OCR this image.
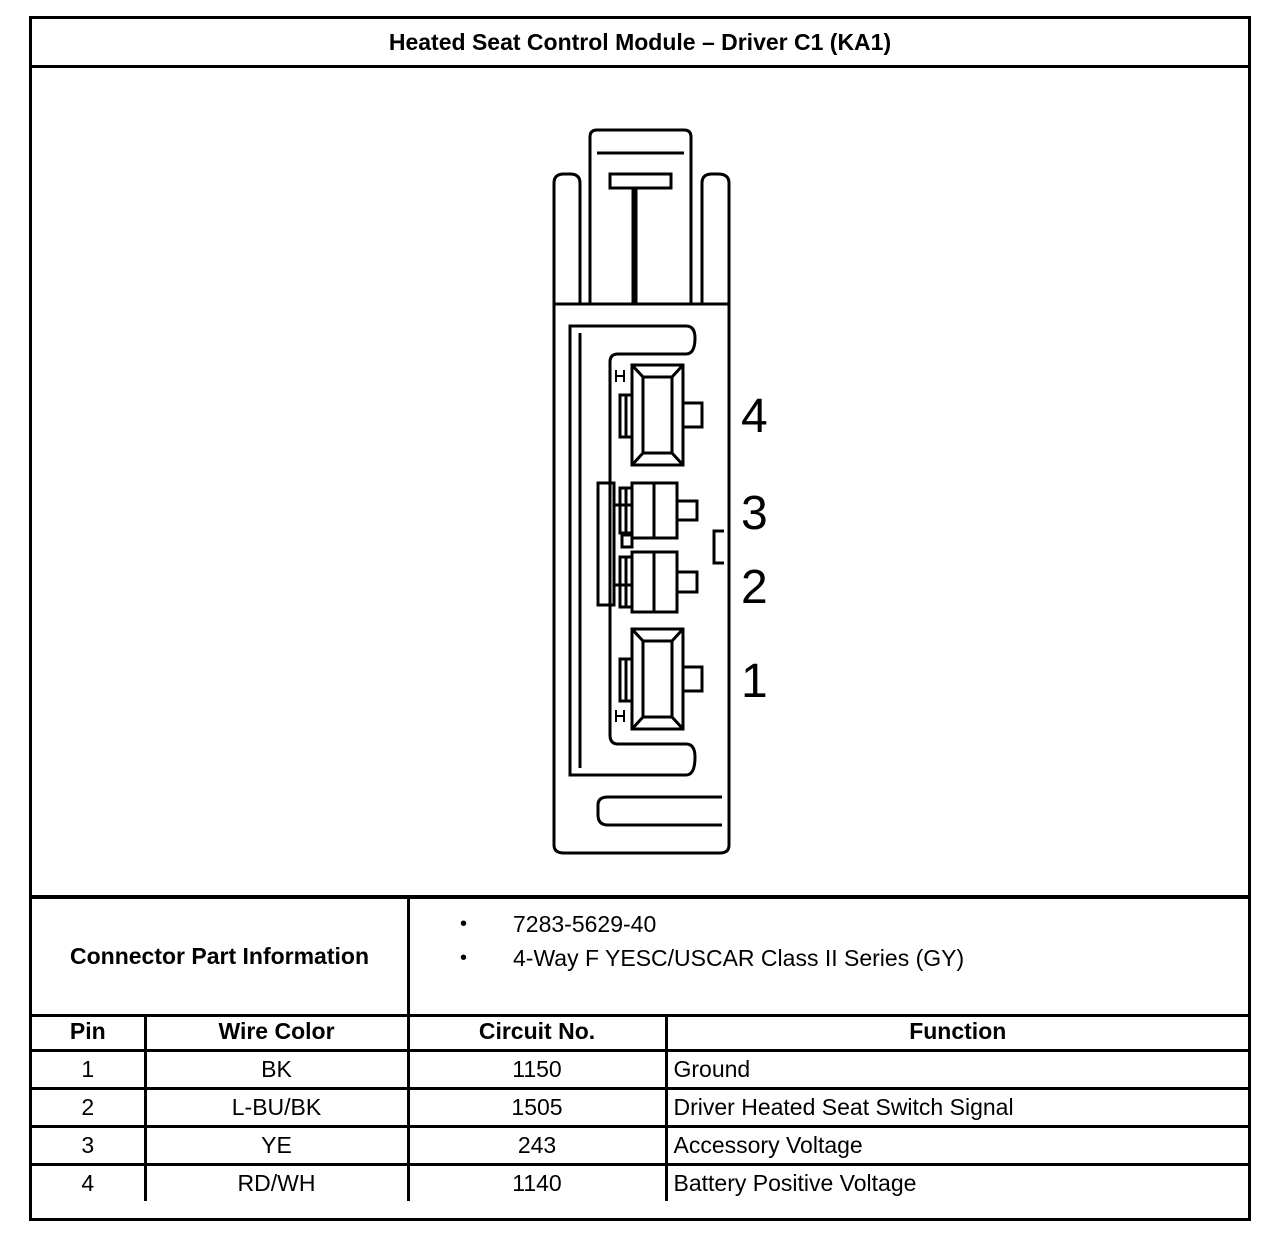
Heated Seat Control Module – Driver C1 (KA1)
4
3
2
1
Connector Part Information
• 7283-5629-40
• 4-Way F YESC/USCAR Class II Series (GY)
Pin	Wire Color	Circuit No.	Function
1	BK	1150	Ground
2	L-BU/BK	1505	Driver Heated Seat Switch Signal
3	YE	243	Accessory Voltage
4	RD/WH	1140	Battery Positive Voltage
